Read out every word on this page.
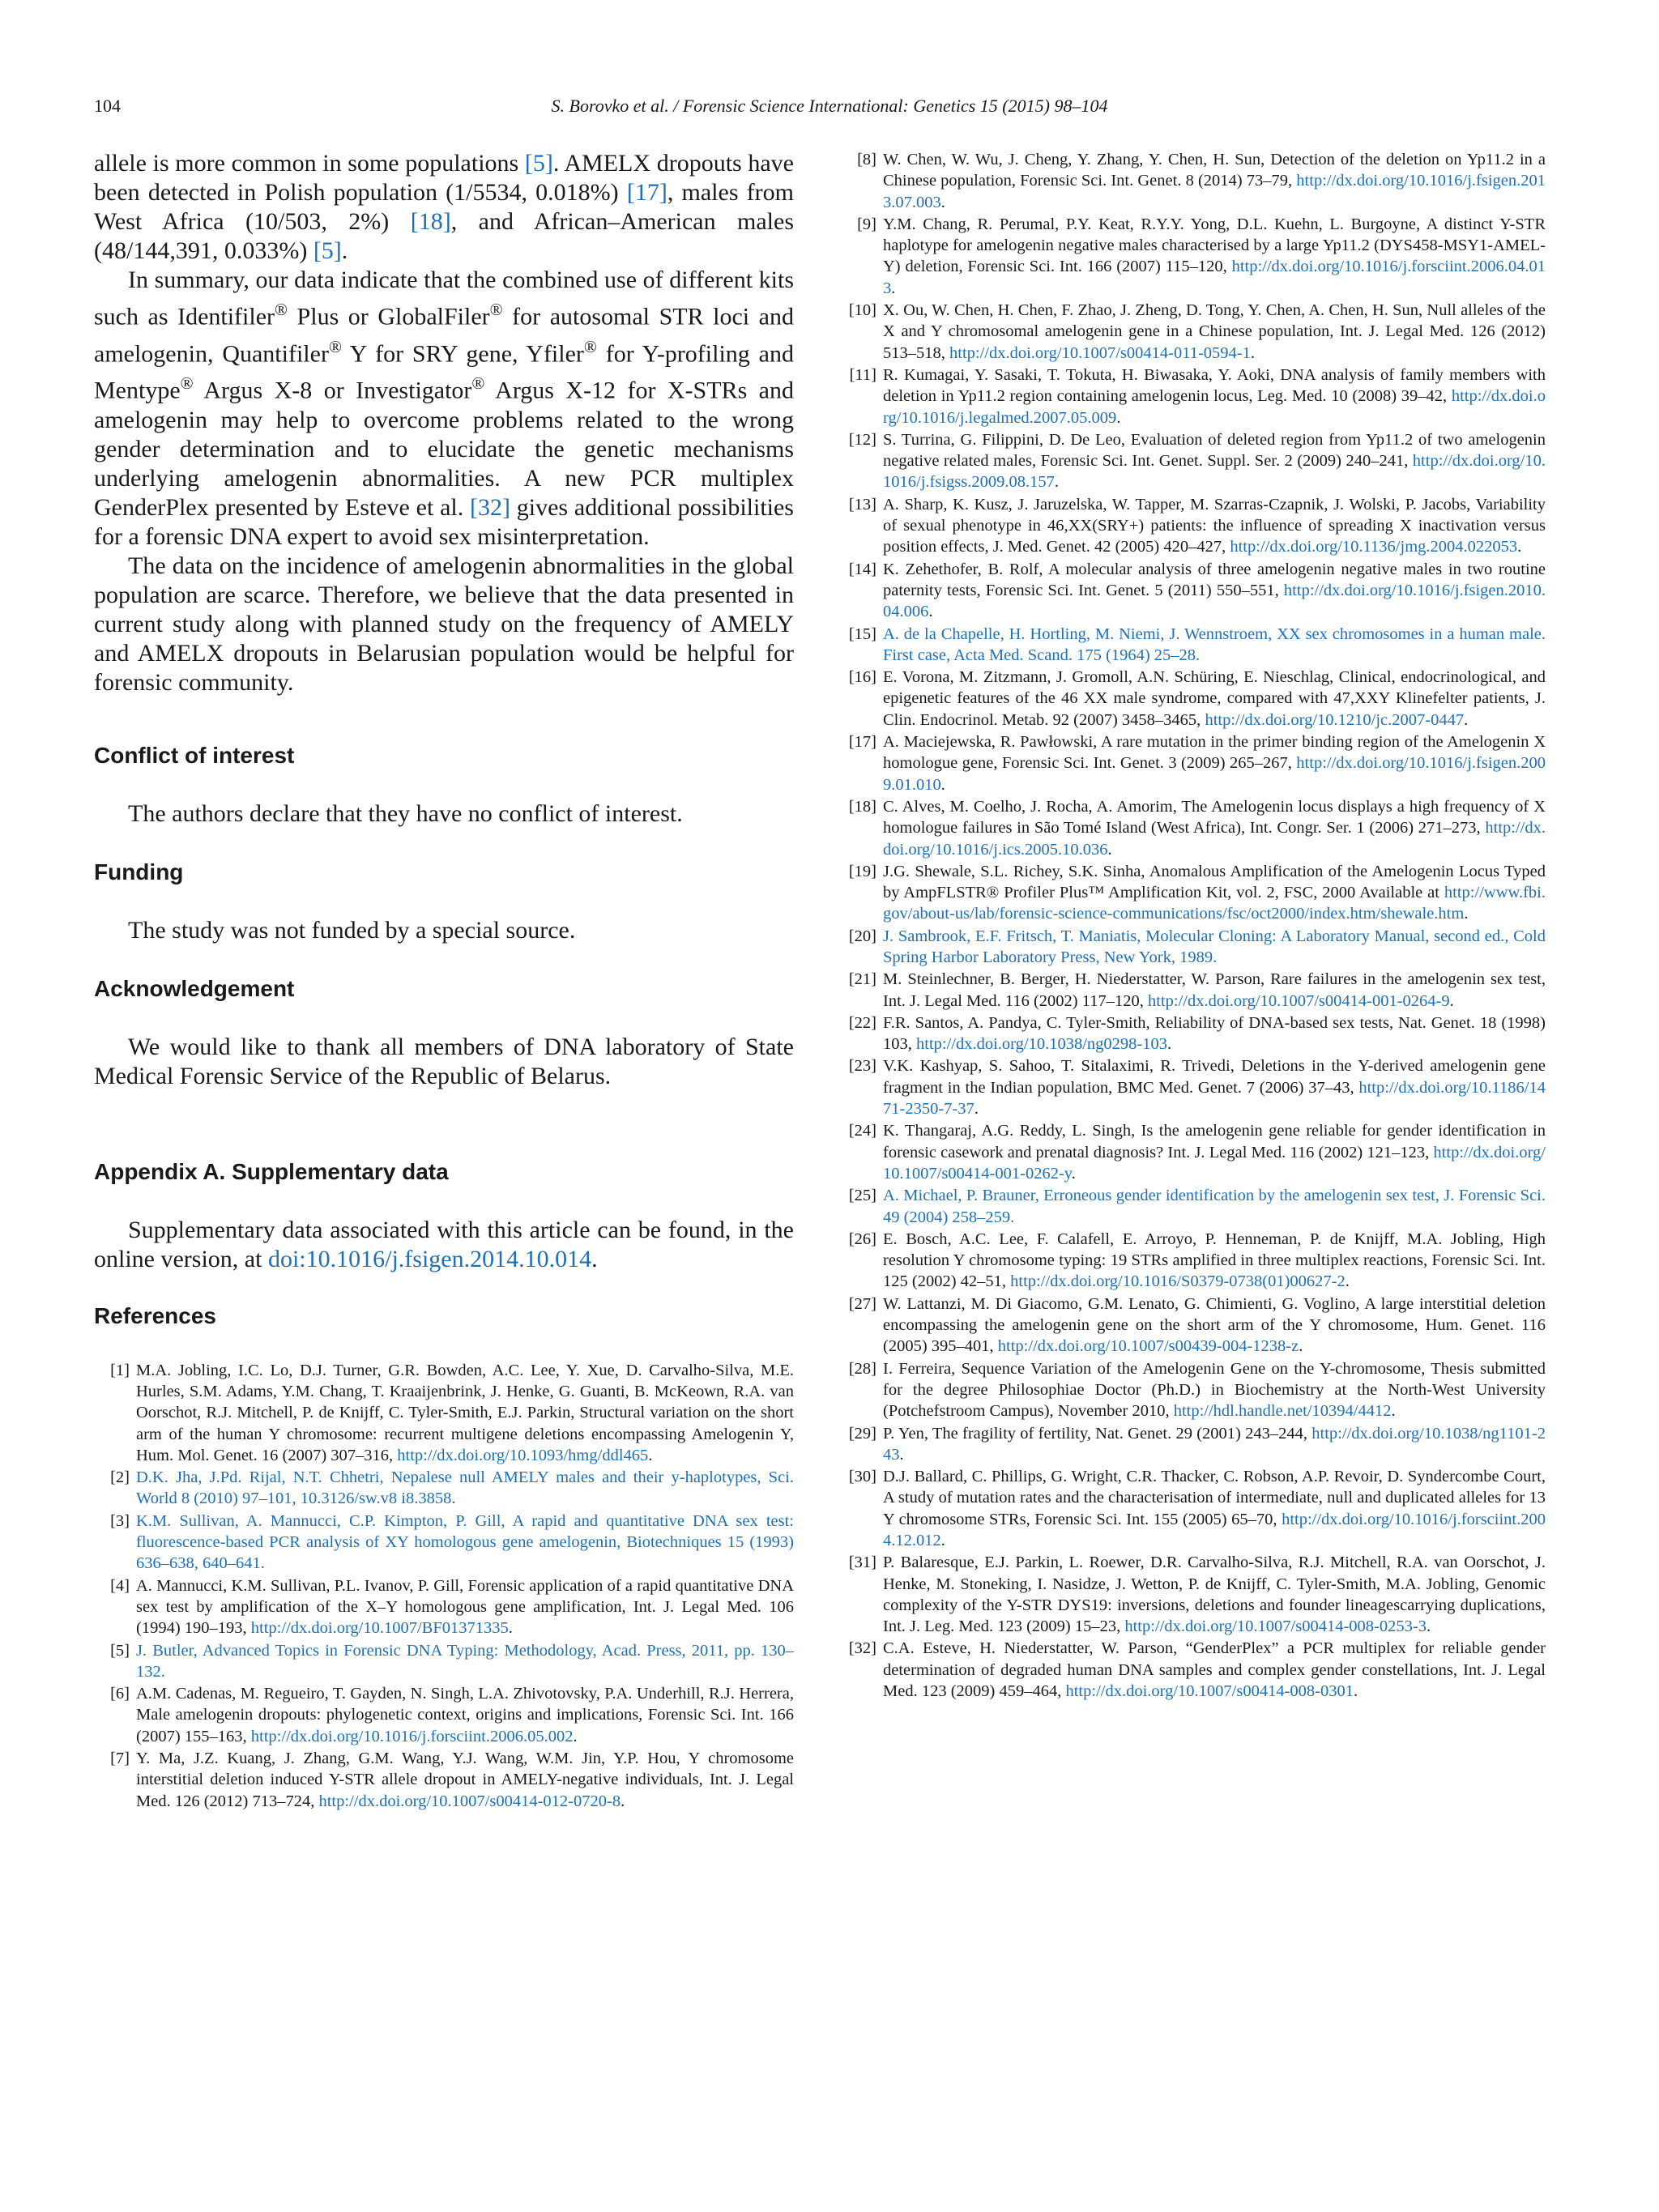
104	S. Borovko et al. / Forensic Science International: Genetics 15 (2015) 98–104

allele is more common in some populations [5]. AMELX dropouts have been detected in Polish population (1/5534, 0.018%) [17], males from West Africa (10/503, 2%) [18], and African–American males (48/144,391, 0.033%) [5].

In summary, our data indicate that the combined use of different kits such as Identifiler® Plus or GlobalFiler® for autosomal STR loci and amelogenin, Quantifiler® Y for SRY gene, Yfiler® for Y-profiling and Mentype® Argus X-8 or Investigator® Argus X-12 for X-STRs and amelogenin may help to overcome problems related to the wrong gender determination and to elucidate the genetic mechanisms underlying amelogenin abnormalities. A new PCR multiplex GenderPlex presented by Esteve et al. [32] gives additional possibilities for a forensic DNA expert to avoid sex misinterpretation.

The data on the incidence of amelogenin abnormalities in the global population are scarce. Therefore, we believe that the data presented in current study along with planned study on the frequency of AMELY and AMELX dropouts in Belarusian population would be helpful for forensic community.

Conflict of interest

The authors declare that they have no conflict of interest.

Funding

The study was not funded by a special source.

Acknowledgement

We would like to thank all members of DNA laboratory of State Medical Forensic Service of the Republic of Belarus.

Appendix A. Supplementary data

Supplementary data associated with this article can be found, in the online version, at doi:10.1016/j.fsigen.2014.10.014.

References
[1] M.A. Jobling, I.C. Lo, D.J. Turner, G.R. Bowden, A.C. Lee, Y. Xue, D. Carvalho-Silva, M.E. Hurles, S.M. Adams, Y.M. Chang, T. Kraaijenbrink, J. Henke, G. Guanti, B. McKeown, R.A. van Oorschot, R.J. Mitchell, P. de Knijff, C. Tyler-Smith, E.J. Parkin, Structural variation on the short arm of the human Y chromosome: recurrent multigene deletions encompassing Amelogenin Y, Hum. Mol. Genet. 16 (2007) 307–316, http://dx.doi.org/10.1093/hmg/ddl465.
[2] D.K. Jha, J.Pd. Rijal, N.T. Chhetri, Nepalese null AMELY males and their y-haplotypes, Sci. World 8 (2010) 97–101, 10.3126/sw.v8 i8.3858.
[3] K.M. Sullivan, A. Mannucci, C.P. Kimpton, P. Gill, A rapid and quantitative DNA sex test: fluorescence-based PCR analysis of XY homologous gene amelogenin, Biotechniques 15 (1993) 636–638, 640–641.
[4] A. Mannucci, K.M. Sullivan, P.L. Ivanov, P. Gill, Forensic application of a rapid quantitative DNA sex test by amplification of the X–Y homologous gene amplification, Int. J. Legal Med. 106 (1994) 190–193, http://dx.doi.org/10.1007/BF01371335.
[5] J. Butler, Advanced Topics in Forensic DNA Typing: Methodology, Acad. Press, 2011, pp. 130–132.
[6] A.M. Cadenas, M. Regueiro, T. Gayden, N. Singh, L.A. Zhivotovsky, P.A. Underhill, R.J. Herrera, Male amelogenin dropouts: phylogenetic context, origins and implications, Forensic Sci. Int. 166 (2007) 155–163, http://dx.doi.org/10.1016/j.forsciint.2006.05.002.
[7] Y. Ma, J.Z. Kuang, J. Zhang, G.M. Wang, Y.J. Wang, W.M. Jin, Y.P. Hou, Y chromosome interstitial deletion induced Y-STR allele dropout in AMELY-negative individuals, Int. J. Legal Med. 126 (2012) 713–724, http://dx.doi.org/10.1007/s00414-012-0720-8.
[8] W. Chen, W. Wu, J. Cheng, Y. Zhang, Y. Chen, H. Sun, Detection of the deletion on Yp11.2 in a Chinese population, Forensic Sci. Int. Genet. 8 (2014) 73–79, http://dx.doi.org/10.1016/j.fsigen.2013.07.003.
[9] Y.M. Chang, R. Perumal, P.Y. Keat, R.Y.Y. Yong, D.L. Kuehn, L. Burgoyne, A distinct Y-STR haplotype for amelogenin negative males characterised by a large Yp11.2 (DYS458-MSY1-AMEL-Y) deletion, Forensic Sci. Int. 166 (2007) 115–120, http://dx.doi.org/10.1016/j.forsciint.2006.04.013.
[10] X. Ou, W. Chen, H. Chen, F. Zhao, J. Zheng, D. Tong, Y. Chen, A. Chen, H. Sun, Null alleles of the X and Y chromosomal amelogenin gene in a Chinese population, Int. J. Legal Med. 126 (2012) 513–518, http://dx.doi.org/10.1007/s00414-011-0594-1.
[11] R. Kumagai, Y. Sasaki, T. Tokuta, H. Biwasaka, Y. Aoki, DNA analysis of family members with deletion in Yp11.2 region containing amelogenin locus, Leg. Med. 10 (2008) 39–42, http://dx.doi.org/10.1016/j.legalmed.2007.05.009.
[12] S. Turrina, G. Filippini, D. De Leo, Evaluation of deleted region from Yp11.2 of two amelogenin negative related males, Forensic Sci. Int. Genet. Suppl. Ser. 2 (2009) 240–241, http://dx.doi.org/10.1016/j.fsigss.2009.08.157.
[13] A. Sharp, K. Kusz, J. Jaruzelska, W. Tapper, M. Szarras-Czapnik, J. Wolski, P. Jacobs, Variability of sexual phenotype in 46,XX(SRY+) patients: the influence of spreading X inactivation versus position effects, J. Med. Genet. 42 (2005) 420–427, http://dx.doi.org/10.1136/jmg.2004.022053.
[14] K. Zehethofer, B. Rolf, A molecular analysis of three amelogenin negative males in two routine paternity tests, Forensic Sci. Int. Genet. 5 (2011) 550–551, http://dx.doi.org/10.1016/j.fsigen.2010.04.006.
[15] A. de la Chapelle, H. Hortling, M. Niemi, J. Wennstroem, XX sex chromosomes in a human male. First case, Acta Med. Scand. 175 (1964) 25–28.
[16] E. Vorona, M. Zitzmann, J. Gromoll, A.N. Schüring, E. Nieschlag, Clinical, endocrinological, and epigenetic features of the 46 XX male syndrome, compared with 47,XXY Klinefelter patients, J. Clin. Endocrinol. Metab. 92 (2007) 3458–3465, http://dx.doi.org/10.1210/jc.2007-0447.
[17] A. Maciejewska, R. Pawłowski, A rare mutation in the primer binding region of the Amelogenin X homologue gene, Forensic Sci. Int. Genet. 3 (2009) 265–267, http://dx.doi.org/10.1016/j.fsigen.2009.01.010.
[18] C. Alves, M. Coelho, J. Rocha, A. Amorim, The Amelogenin locus displays a high frequency of X homologue failures in São Tomé Island (West Africa), Int. Congr. Ser. 1 (2006) 271–273, http://dx.doi.org/10.1016/j.ics.2005.10.036.
[19] J.G. Shewale, S.L. Richey, S.K. Sinha, Anomalous Amplification of the Amelogenin Locus Typed by AmpFLSTR® Profiler Plus™ Amplification Kit, vol. 2, FSC, 2000 Available at http://www.fbi.gov/about-us/lab/forensic-science-communications/fsc/oct2000/index.htm/shewale.htm.
[20] J. Sambrook, E.F. Fritsch, T. Maniatis, Molecular Cloning: A Laboratory Manual, second ed., Cold Spring Harbor Laboratory Press, New York, 1989.
[21] M. Steinlechner, B. Berger, H. Niederstatter, W. Parson, Rare failures in the amelogenin sex test, Int. J. Legal Med. 116 (2002) 117–120, http://dx.doi.org/10.1007/s00414-001-0264-9.
[22] F.R. Santos, A. Pandya, C. Tyler-Smith, Reliability of DNA-based sex tests, Nat. Genet. 18 (1998) 103, http://dx.doi.org/10.1038/ng0298-103.
[23] V.K. Kashyap, S. Sahoo, T. Sitalaximi, R. Trivedi, Deletions in the Y-derived amelogenin gene fragment in the Indian population, BMC Med. Genet. 7 (2006) 37–43, http://dx.doi.org/10.1186/1471-2350-7-37.
[24] K. Thangaraj, A.G. Reddy, L. Singh, Is the amelogenin gene reliable for gender identification in forensic casework and prenatal diagnosis? Int. J. Legal Med. 116 (2002) 121–123, http://dx.doi.org/10.1007/s00414-001-0262-y.
[25] A. Michael, P. Brauner, Erroneous gender identification by the amelogenin sex test, J. Forensic Sci. 49 (2004) 258–259.
[26] E. Bosch, A.C. Lee, F. Calafell, E. Arroyo, P. Henneman, P. de Knijff, M.A. Jobling, High resolution Y chromosome typing: 19 STRs amplified in three multiplex reactions, Forensic Sci. Int. 125 (2002) 42–51, http://dx.doi.org/10.1016/S0379-0738(01)00627-2.
[27] W. Lattanzi, M. Di Giacomo, G.M. Lenato, G. Chimienti, G. Voglino, A large interstitial deletion encompassing the amelogenin gene on the short arm of the Y chromosome, Hum. Genet. 116 (2005) 395–401, http://dx.doi.org/10.1007/s00439-004-1238-z.
[28] I. Ferreira, Sequence Variation of the Amelogenin Gene on the Y-chromosome, Thesis submitted for the degree Philosophiae Doctor (Ph.D.) in Biochemistry at the North-West University (Potchefstroom Campus), November 2010, http://hdl.handle.net/10394/4412.
[29] P. Yen, The fragility of fertility, Nat. Genet. 29 (2001) 243–244, http://dx.doi.org/10.1038/ng1101-243.
[30] D.J. Ballard, C. Phillips, G. Wright, C.R. Thacker, C. Robson, A.P. Revoir, D. Syndercombe Court, A study of mutation rates and the characterisation of intermediate, null and duplicated alleles for 13 Y chromosome STRs, Forensic Sci. Int. 155 (2005) 65–70, http://dx.doi.org/10.1016/j.forsciint.2004.12.012.
[31] P. Balaresque, E.J. Parkin, L. Roewer, D.R. Carvalho-Silva, R.J. Mitchell, R.A. van Oorschot, J. Henke, M. Stoneking, I. Nasidze, J. Wetton, P. de Knijff, C. Tyler-Smith, M.A. Jobling, Genomic complexity of the Y-STR DYS19: inversions, deletions and founder lineagescarrying duplications, Int. J. Leg. Med. 123 (2009) 15–23, http://dx.doi.org/10.1007/s00414-008-0253-3.
[32] C.A. Esteve, H. Niederstatter, W. Parson, “GenderPlex” a PCR multiplex for reliable gender determination of degraded human DNA samples and complex gender constellations, Int. J. Legal Med. 123 (2009) 459–464, http://dx.doi.org/10.1007/s00414-008-0301.
